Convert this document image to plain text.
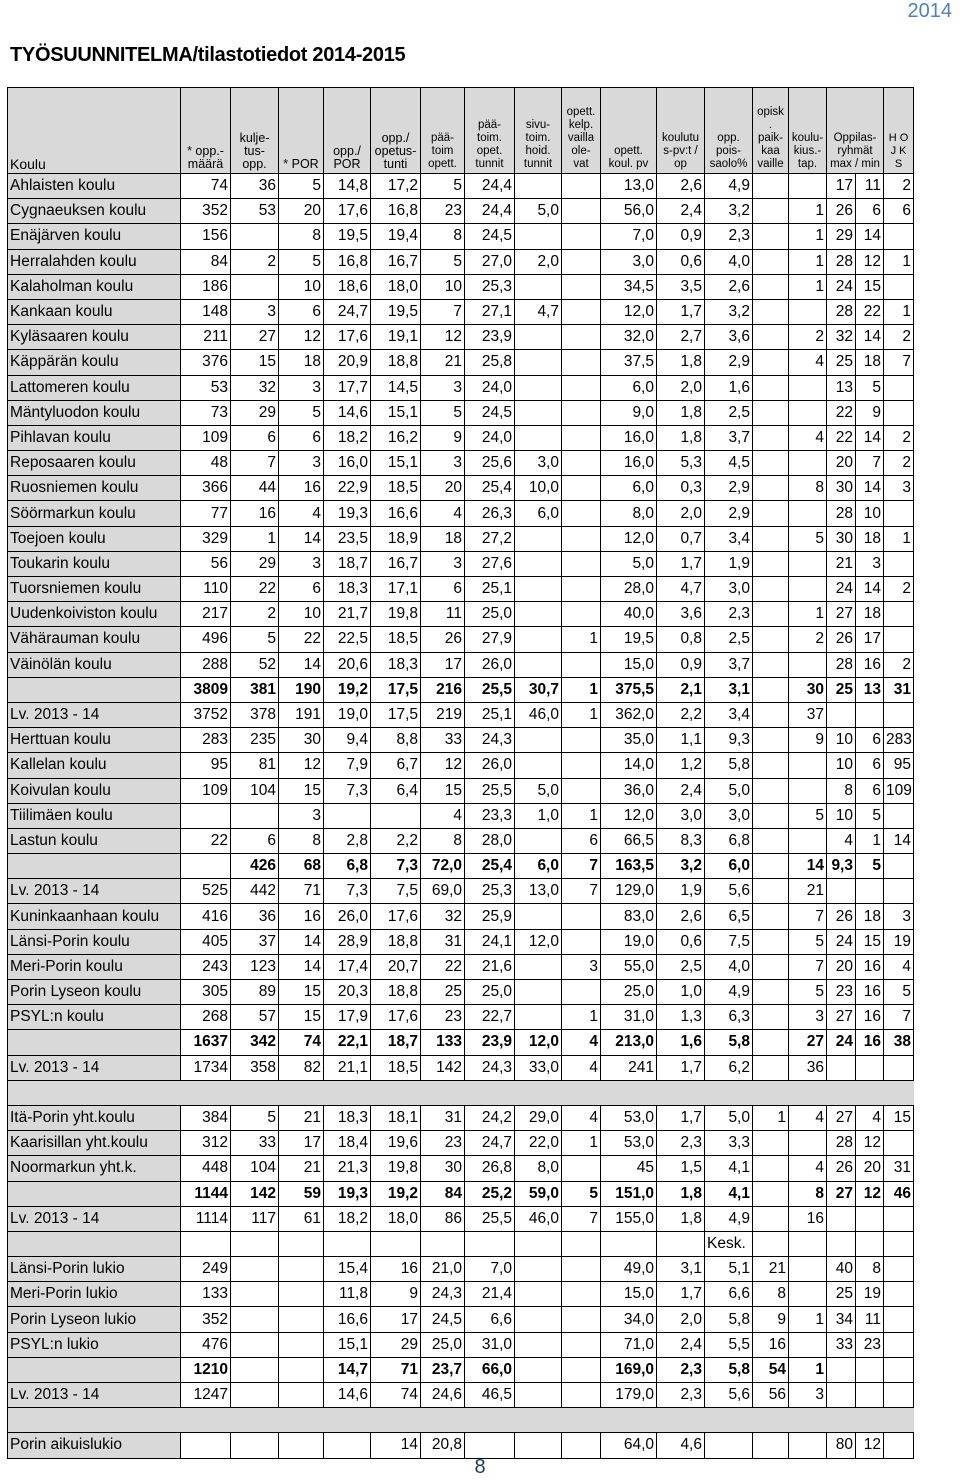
2014
TYÖSUUNNITELMA/tilastotiedot 2014-2015
Koulu	* opp.- määrä	kulje- tus- opp.	* POR	opp./ POR	opp./ opetus- tunti	pää- toim opett.	pää- toim. opet. tunnit	sivu- toim. hoid. tunnit	opett. kelp. vailla ole- vat	opett. koul. pv	koulutu s-pv:t / op	opp. pois- saolo%	opisk . paik- kaa vaille	koulu- kius.- tap.	Oppilas- ryhmät max / min		H O J K S
Ahlaisten koulu	74	36	5	14,8	17,2	5	24,4			13,0	2,6	4,9			17	11	2
Cygnaeuksen koulu	352	53	20	17,6	16,8	23	24,4	5,0		56,0	2,4	3,2		1	26	6	6
Enäjärven koulu	156		8	19,5	19,4	8	24,5			7,0	0,9	2,3		1	29	14	
Herralahden koulu	84	2	5	16,8	16,7	5	27,0	2,0		3,0	0,6	4,0		1	28	12	1
Kalaholman koulu	186		10	18,6	18,0	10	25,3			34,5	3,5	2,6		1	24	15	
Kankaan koulu	148	3	6	24,7	19,5	7	27,1	4,7		12,0	1,7	3,2			28	22	1
Kyläsaaren koulu	211	27	12	17,6	19,1	12	23,9			32,0	2,7	3,6		2	32	14	2
Käppärän koulu	376	15	18	20,9	18,8	21	25,8			37,5	1,8	2,9		4	25	18	7
Lattomeren koulu	53	32	3	17,7	14,5	3	24,0			6,0	2,0	1,6			13	5	
Mäntyluodon koulu	73	29	5	14,6	15,1	5	24,5			9,0	1,8	2,5			22	9	
Pihlavan koulu	109	6	6	18,2	16,2	9	24,0			16,0	1,8	3,7		4	22	14	2
Reposaaren koulu	48	7	3	16,0	15,1	3	25,6	3,0		16,0	5,3	4,5			20	7	2
Ruosniemen koulu	366	44	16	22,9	18,5	20	25,4	10,0		6,0	0,3	2,9		8	30	14	3
Söörmarkun koulu	77	16	4	19,3	16,6	4	26,3	6,0		8,0	2,0	2,9			28	10	
Toejoen koulu	329	1	14	23,5	18,9	18	27,2			12,0	0,7	3,4		5	30	18	1
Toukarin koulu	56	29	3	18,7	16,7	3	27,6			5,0	1,7	1,9			21	3	
Tuorsniemen koulu	110	22	6	18,3	17,1	6	25,1			28,0	4,7	3,0			24	14	2
Uudenkoiviston koulu	217	2	10	21,7	19,8	11	25,0			40,0	3,6	2,3		1	27	18	
Vähärauman koulu	496	5	22	22,5	18,5	26	27,9		1	19,5	0,8	2,5		2	26	17	
Väinölän koulu	288	52	14	20,6	18,3	17	26,0			15,0	0,9	3,7			28	16	2
	3809	381	190	19,2	17,5	216	25,5	30,7	1	375,5	2,1	3,1		30	25	13	31
Lv. 2013 - 14	3752	378	191	19,0	17,5	219	25,1	46,0	1	362,0	2,2	3,4		37			
Herttuan koulu	283	235	30	9,4	8,8	33	24,3			35,0	1,1	9,3		9	10	6	283
Kallelan koulu	95	81	12	7,9	6,7	12	26,0			14,0	1,2	5,8			10	6	95
Koivulan koulu	109	104	15	7,3	6,4	15	25,5	5,0		36,0	2,4	5,0			8	6	109
Tiilimäen koulu			3			4	23,3	1,0	1	12,0	3,0	3,0		5	10	5	
Lastun koulu	22	6	8	2,8	2,2	8	28,0		6	66,5	8,3	6,8			4	1	14
		426	68	6,8	7,3	72,0	25,4	6,0	7	163,5	3,2	6,0		14	9,3	5	
Lv. 2013 - 14	525	442	71	7,3	7,5	69,0	25,3	13,0	7	129,0	1,9	5,6		21			
Kuninkaanhaan koulu	416	36	16	26,0	17,6	32	25,9			83,0	2,6	6,5		7	26	18	3
Länsi-Porin koulu	405	37	14	28,9	18,8	31	24,1	12,0		19,0	0,6	7,5		5	24	15	19
Meri-Porin koulu	243	123	14	17,4	20,7	22	21,6		3	55,0	2,5	4,0		7	20	16	4
Porin Lyseon koulu	305	89	15	20,3	18,8	25	25,0			25,0	1,0	4,9		5	23	16	5
PSYL:n koulu	268	57	15	17,9	17,6	23	22,7		1	31,0	1,3	6,3		3	27	16	7
	1637	342	74	22,1	18,7	133	23,9	12,0	4	213,0	1,6	5,8		27	24	16	38
Lv. 2013 - 14	1734	358	82	21,1	18,5	142	24,3	33,0	4	241	1,7	6,2		36			

Itä-Porin yht.koulu	384	5	21	18,3	18,1	31	24,2	29,0	4	53,0	1,7	5,0	1	4	27	4	15
Kaarisillan yht.koulu	312	33	17	18,4	19,6	23	24,7	22,0	1	53,0	2,3	3,3			28	12	
Noormarkun yht.k.	448	104	21	21,3	19,8	30	26,8	8,0		45	1,5	4,1		4	26	20	31
	1144	142	59	19,3	19,2	84	25,2	59,0	5	151,0	1,8	4,1		8	27	12	46
Lv. 2013 - 14	1114	117	61	18,2	18,0	86	25,5	46,0	7	155,0	1,8	4,9		16			
												Kesk.					
Länsi-Porin lukio	249			15,4	16	21,0	7,0			49,0	3,1	5,1	21		40	8	
Meri-Porin lukio	133			11,8	9	24,3	21,4			15,0	1,7	6,6	8		25	19	
Porin Lyseon lukio	352			16,6	17	24,5	6,6			34,0	2,0	5,8	9	1	34	11	
PSYL:n lukio	476			15,1	29	25,0	31,0			71,0	2,4	5,5	16		33	23	
	1210			14,7	71	23,7	66,0			169,0	2,3	5,8	54	1			
Lv. 2013 - 14	1247			14,6	74	24,6	46,5			179,0	2,3	5,6	56	3			

Porin aikuislukio					14	20,8				64,0	4,6				80	12	
8
